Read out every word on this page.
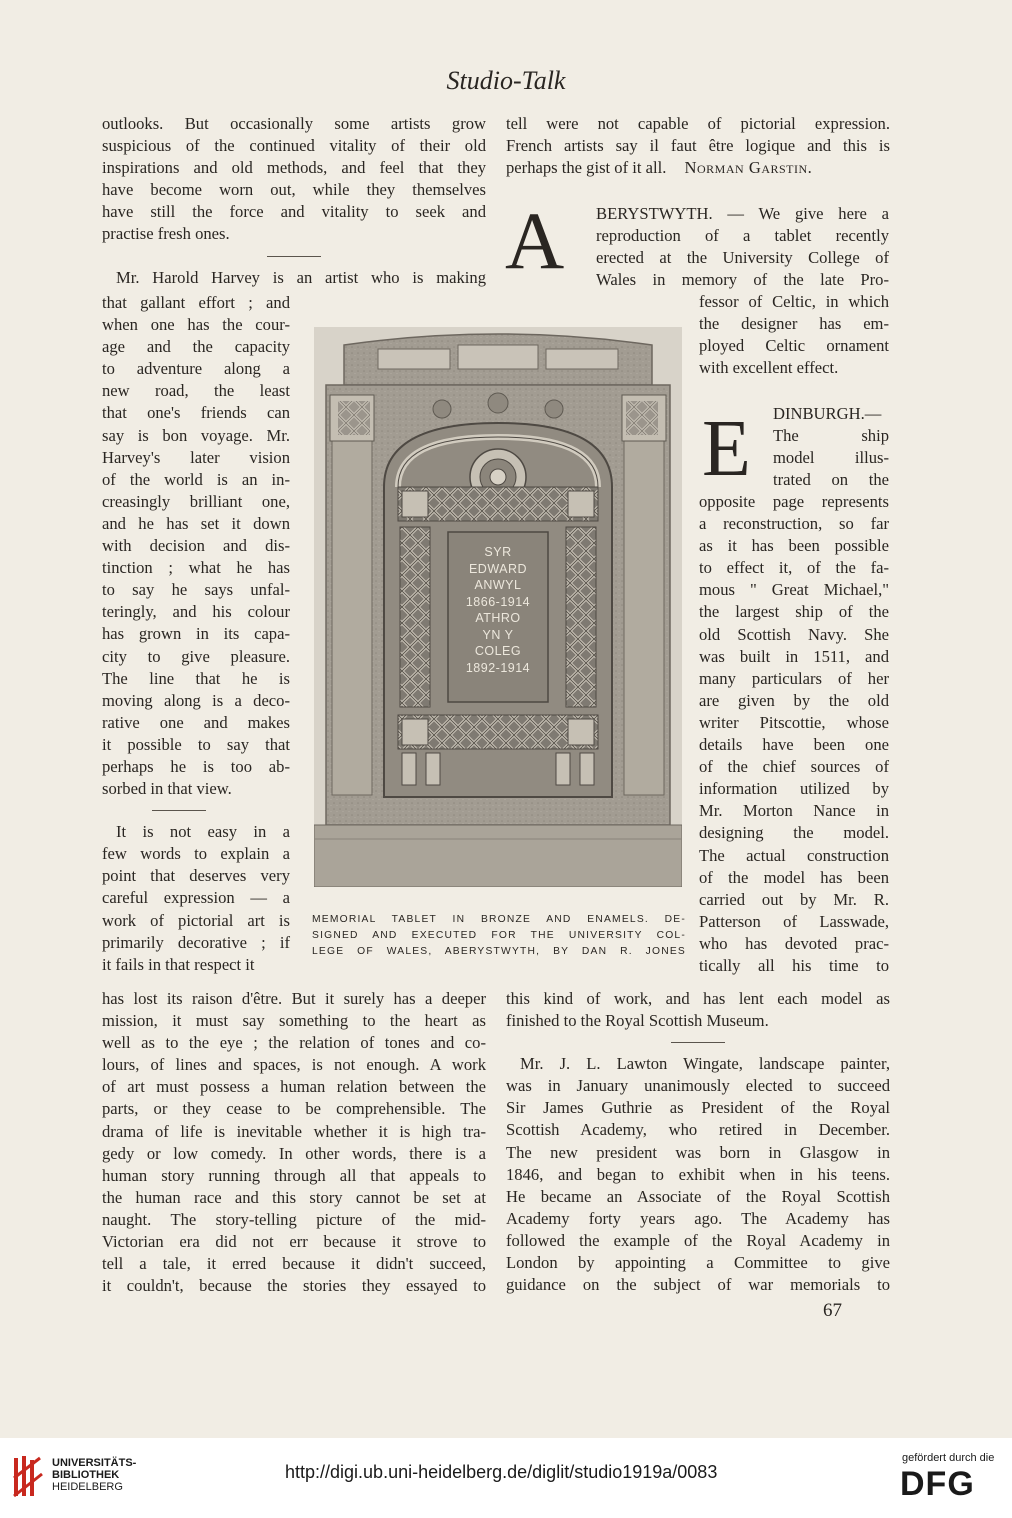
Studio-Talk

outlooks. But occasionally some artists grow
suspicious of the continued vitality of their old
inspirations and old methods, and feel that they
have become worn out, while they themselves
have still the force and vitality to seek and
practise fresh ones.

Mr. Harold Harvey is an artist who is making

that gallant effort ; and
when one has the cour-
age and the capacity
to adventure along a
new road, the least
that one's friends can
say is bon voyage. Mr.
Harvey's later vision
of the world is an in-
creasingly brilliant one,
and he has set it down
with decision and dis-
tinction ; what he has
to say he says unfal-
teringly, and his colour
has grown in its capa-
city to give pleasure.
The line that he is
moving along is a deco-
rative one and makes
it possible to say that
perhaps he is too ab-
sorbed in that view.

It is not easy in a
few words to explain a
point that deserves very
careful expression — a
work of pictorial art is
primarily decorative ; if
it fails in that respect it

has lost its raison d'être. But it surely has a deeper
mission, it must say something to the heart as
well as to the eye ; the relation of tones and co-
lours, of lines and spaces, is not enough. A work
of art must possess a human relation between the
parts, or they cease to be comprehensible. The
drama of life is inevitable whether it is high tra-
gedy or low comedy. In other words, there is a
human story running through all that appeals to
the human race and this story cannot be set at
naught. The story-telling picture of the mid-
Victorian era did not err because it strove to
tell a tale, it erred because it didn't succeed,
it couldn't, because the stories they essayed to

tell were not capable of pictorial expression.
French artists say il faut être logique and this is
perhaps the gist of it all. Norman Garstin.
A BERYSTWYTH. — We give here a
reproduction of a tablet recently
erected at the University College of
Wales in memory of the late Pro-
fessor of Celtic, in which
the designer has em-
ployed Celtic ornament
with excellent effect.
E DINBURGH.—
The ship
model illus-
trated on the
opposite page represents
a reconstruction, so far
as it has been possible
to effect it, of the fa-
mous " Great Michael,"
the largest ship of the
old Scottish Navy. She
was built in 1511, and
many particulars of her
are given by the old
writer Pitscottie, whose
details have been one
of the chief sources of
information utilized by
Mr. Morton Nance in
designing the model.
The actual construction
of the model has been
carried out by Mr. R.
Patterson of Lasswade,
who has devoted prac-
tically all his time to
this kind of work, and has lent each model as
finished to the Royal Scottish Museum.
Mr. J. L. Lawton Wingate, landscape painter,
was in January unanimously elected to succeed
Sir James Guthrie as President of the Royal
Scottish Academy, who retired in December.
The new president was born in Glasgow in
1846, and began to exhibit when in his teens.
He became an Associate of the Royal Scottish
Academy forty years ago. The Academy has
followed the example of the Royal Academy in
London by appointing a Committee to give
guidance on the subject of war memorials to
67
SYR
EDWARD
ANWYL
1866-1914
ATHRO
YN Y
COLEG
1892-1914
MEMORIAL TABLET IN BRONZE AND ENAMELS. DE-
SIGNED AND EXECUTED FOR THE UNIVERSITY COL-
LEGE OF WALES, ABERYSTWYTH, BY DAN R. JONES
UNIVERSITÄTS-
BIBLIOTHEK
HEIDELBERG
http://digi.ub.uni-heidelberg.de/diglit/studio1919a/0083
gefördert durch die
DFG
